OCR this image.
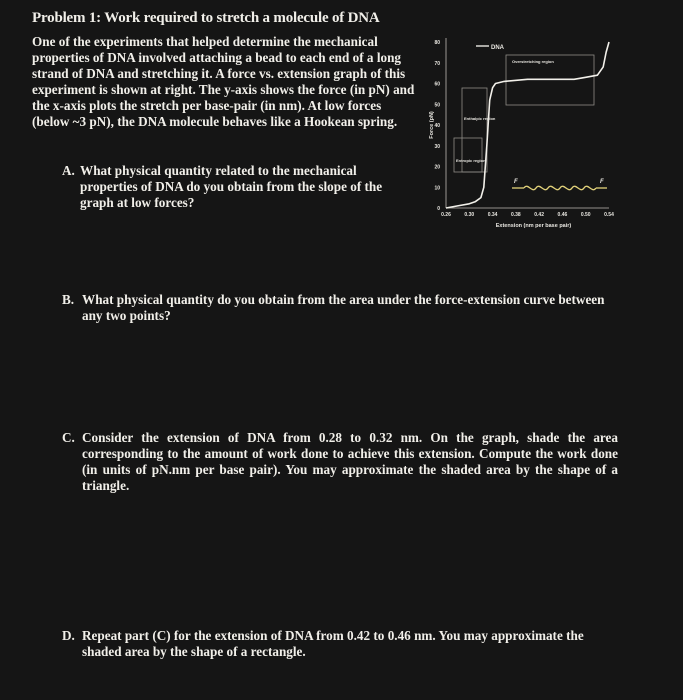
Problem 1: Work required to stretch a molecule of DNA
One of the experiments that helped determine the mechanical properties of DNA involved attaching a bead to each end of a long strand of DNA and stretching it. A force vs. extension graph of this experiment is shown at right. The y-axis shows the force (in pN) and the x-axis plots the stretch per base-pair (in nm). At low forces (below ~3 pN), the DNA molecule behaves like a Hookean spring.
A. What physical quantity related to the mechanical properties of DNA do you obtain from the slope of the graph at low forces?
B. What physical quantity do you obtain from the area under the force-extension curve between any two points?
C. Consider the extension of DNA from 0.28 to 0.32 nm. On the graph, shade the area corresponding to the amount of work done to achieve this extension. Compute the work done (in units of pN.nm per base pair). You may approximate the shaded area by the shape of a triangle.
D. Repeat part (C) for the extension of DNA from 0.42 to 0.46 nm. You may approximate the shaded area by the shape of a rectangle.
0
10
20
30
40
50
60
70
80
0.26	0.30	0.34	0.38	0.42	0.46	0.50	0.54
Extension (nm per base pair)
Force (pN)
DNA
Overstretching region
Enthalpic region
Entropic region
F	F
